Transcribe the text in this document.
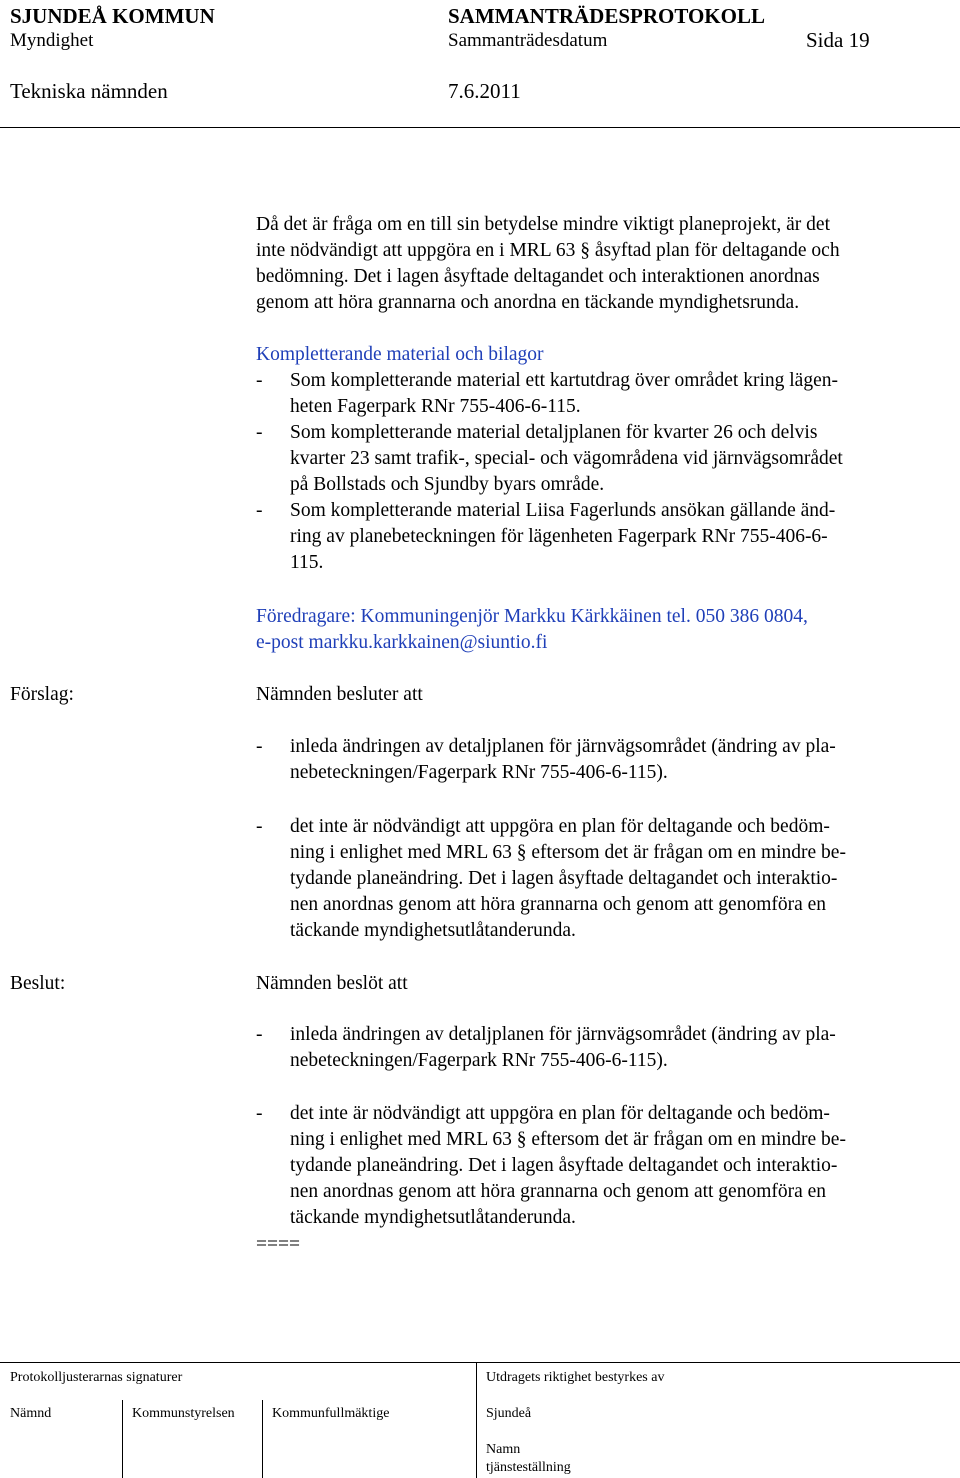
SJUNDEÅ KOMMUN	SAMMANTRÄDESPROTOKOLL
Myndighet	Sammanträdesdatum	Sida 19
Tekniska nämnden	7.6.2011
Då det är fråga om en till sin betydelse mindre viktigt planeprojekt, är det
inte nödvändigt att uppgöra en i MRL 63 § åsyftad plan för deltagande och
bedömning. Det i lagen åsyftade deltagandet och interaktionen anordnas
genom att höra grannarna och anordna en täckande myndighetsrunda.
Kompletterande material och bilagor
- Som kompletterande material ett kartutdrag över området kring lägen-
heten Fagerpark RNr 755-406-6-115.
- Som kompletterande material detaljplanen för kvarter 26 och delvis
kvarter 23 samt trafik-, special- och vägområdena vid järnvägsområdet
på Bollstads och Sjundby byars område.
- Som kompletterande material Liisa Fagerlunds ansökan gällande änd-
ring av planebeteckningen för lägenheten Fagerpark RNr 755-406-6-
115.
Föredragare: Kommuningenjör Markku Kärkkäinen tel. 050 386 0804,
e-post markku.karkkainen@siuntio.fi
Förslag:	Nämnden besluter att
- inleda ändringen av detaljplanen för järnvägsområdet (ändring av pla-
nebeteckningen/Fagerpark RNr 755-406-6-115).
- det inte är nödvändigt att uppgöra en plan för deltagande och bedöm-
ning i enlighet med MRL 63 § eftersom det är frågan om en mindre be-
tydande planeändring. Det i lagen åsyftade deltagandet och interaktio-
nen anordnas genom att höra grannarna och genom att genomföra en
täckande myndighetsutlåtanderunda.
Beslut:	Nämnden beslöt att
- inleda ändringen av detaljplanen för järnvägsområdet (ändring av pla-
nebeteckningen/Fagerpark RNr 755-406-6-115).
- det inte är nödvändigt att uppgöra en plan för deltagande och bedöm-
ning i enlighet med MRL 63 § eftersom det är frågan om en mindre be-
tydande planeändring. Det i lagen åsyftade deltagandet och interaktio-
nen anordnas genom att höra grannarna och genom att genomföra en
täckande myndighetsutlåtanderunda.
====
Protokolljusterarnas signaturer	Utdragets riktighet bestyrkes av
Nämnd	Kommunstyrelsen	Kommunfullmäktige	Sjundeå
Namn
tjänsteställning
